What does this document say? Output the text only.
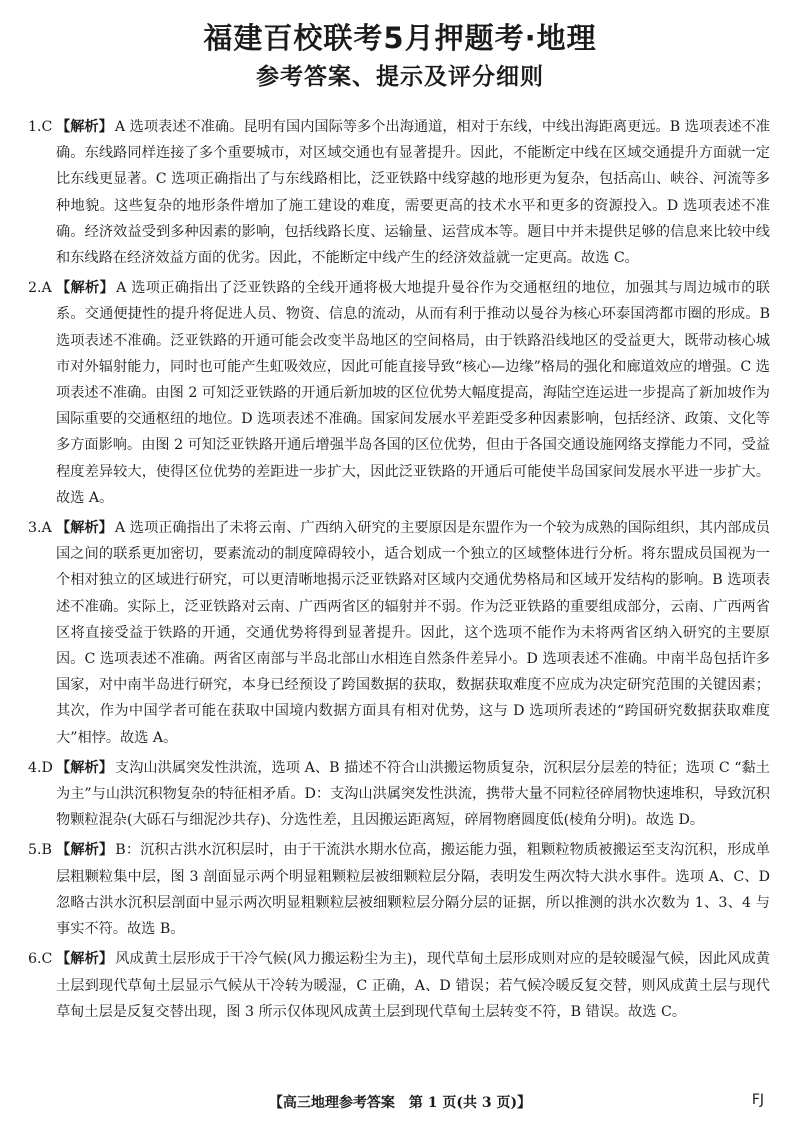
福建百校联考5月押题考·地理
参考答案、提示及评分细则
1.C 【解析】 A 选项表述不准确。昆明有国内国际等多个出海通道，相对于东线，中线出海距离更远。B 选项表述不准确。东线路同样连接了多个重要城市，对区域交通也有显著提升。因此，不能断定中线在区域交通提升方面就一定比东线更显著。C 选项正确指出了与东线路相比，泛亚铁路中线穿越的地形更为复杂，包括高山、峡谷、河流等多种地貌。这些复杂的地形条件增加了施工建设的难度，需要更高的技术水平和更多的资源投入。D 选项表述不准确。经济效益受到多种因素的影响，包括线路长度、运输量、运营成本等。题目中并未提供足够的信息来比较中线和东线路在经济效益方面的优劣。因此，不能断定中线产生的经济效益就一定更高。故选 C。
2.A 【解析】 A 选项正确指出了泛亚铁路的全线开通将极大地提升曼谷作为交通枢纽的地位，加强其与周边城市的联系。交通便捷性的提升将促进人员、物资、信息的流动，从而有利于推动以曼谷为核心环泰国湾都市圈的形成。B 选项表述不准确。泛亚铁路的开通可能会改变半岛地区的空间格局，由于铁路沿线地区的受益更大，既带动核心城市对外辐射能力，同时也可能产生虹吸效应，因此可能直接导致“核心—边缘”格局的强化和廊道效应的增强。C 选项表述不准确。由图 2 可知泛亚铁路的开通后新加坡的区位优势大幅度提高，海陆空连运进一步提高了新加坡作为国际重要的交通枢纽的地位。D 选项表述不准确。国家间发展水平差距受多种因素影响，包括经济、政策、文化等多方面影响。由图 2 可知泛亚铁路开通后增强半岛各国的区位优势，但由于各国交通设施网络支撑能力不同，受益程度差异较大，使得区位优势的差距进一步扩大，因此泛亚铁路的开通后可能使半岛国家间发展水平进一步扩大。故选 A。
3.A 【解析】 A 选项正确指出了未将云南、广西纳入研究的主要原因是东盟作为一个较为成熟的国际组织，其内部成员国之间的联系更加密切，要素流动的制度障碍较小，适合划成一个独立的区域整体进行分析。将东盟成员国视为一个相对独立的区域进行研究，可以更清晰地揭示泛亚铁路对区域内交通优势格局和区域开发结构的影响。B 选项表述不准确。实际上，泛亚铁路对云南、广西两省区的辐射并不弱。作为泛亚铁路的重要组成部分，云南、广西两省区将直接受益于铁路的开通，交通优势将得到显著提升。因此，这个选项不能作为未将两省区纳入研究的主要原因。C 选项表述不准确。两省区南部与半岛北部山水相连自然条件差异小。D 选项表述不准确。中南半岛包括许多国家，对中南半岛进行研究，本身已经预设了跨国数据的获取，数据获取难度不应成为决定研究范围的关键因素；其次，作为中国学者可能在获取中国境内数据方面具有相对优势，这与 D 选项所表述的“跨国研究数据获取难度大”相悖。故选 A。
4.D 【解析】 支沟山洪属突发性洪流，选项 A、B 描述不符合山洪搬运物质复杂，沉积层分层差的特征；选项 C “黏土为主”与山洪沉积物复杂的特征相矛盾。D：支沟山洪属突发性洪流，携带大量不同粒径碎屑物快速堆积，导致沉积物颗粒混杂(大砾石与细泥沙共存)、分选性差，且因搬运距离短，碎屑物磨圆度低(棱角分明)。故选 D。
5.B 【解析】 B：沉积古洪水沉积层时，由于干流洪水期水位高，搬运能力强，粗颗粒物质被搬运至支沟沉积，形成单层粗颗粒集中层，图 3 剖面显示两个明显粗颗粒层被细颗粒层分隔，表明发生两次特大洪水事件。选项 A、C、D 忽略古洪水沉积层剖面中显示两次明显粗颗粒层被细颗粒层分隔分层的证据，所以推测的洪水次数为 1、3、4 与事实不符。故选 B。
6.C 【解析】 风成黄土层形成于干冷气候(风力搬运粉尘为主)，现代草甸土层形成则对应的是较暖湿气候，因此风成黄土层到现代草甸土层显示气候从干冷转为暖湿，C 正确，A、D 错误；若气候冷暖反复交替，则风成黄土层与现代草甸土层是反复交替出现，图 3 所示仅体现风成黄土层到现代草甸土层转变不符，B 错误。故选 C。
【高三地理参考答案　第 1 页(共 3 页)】	FJ
